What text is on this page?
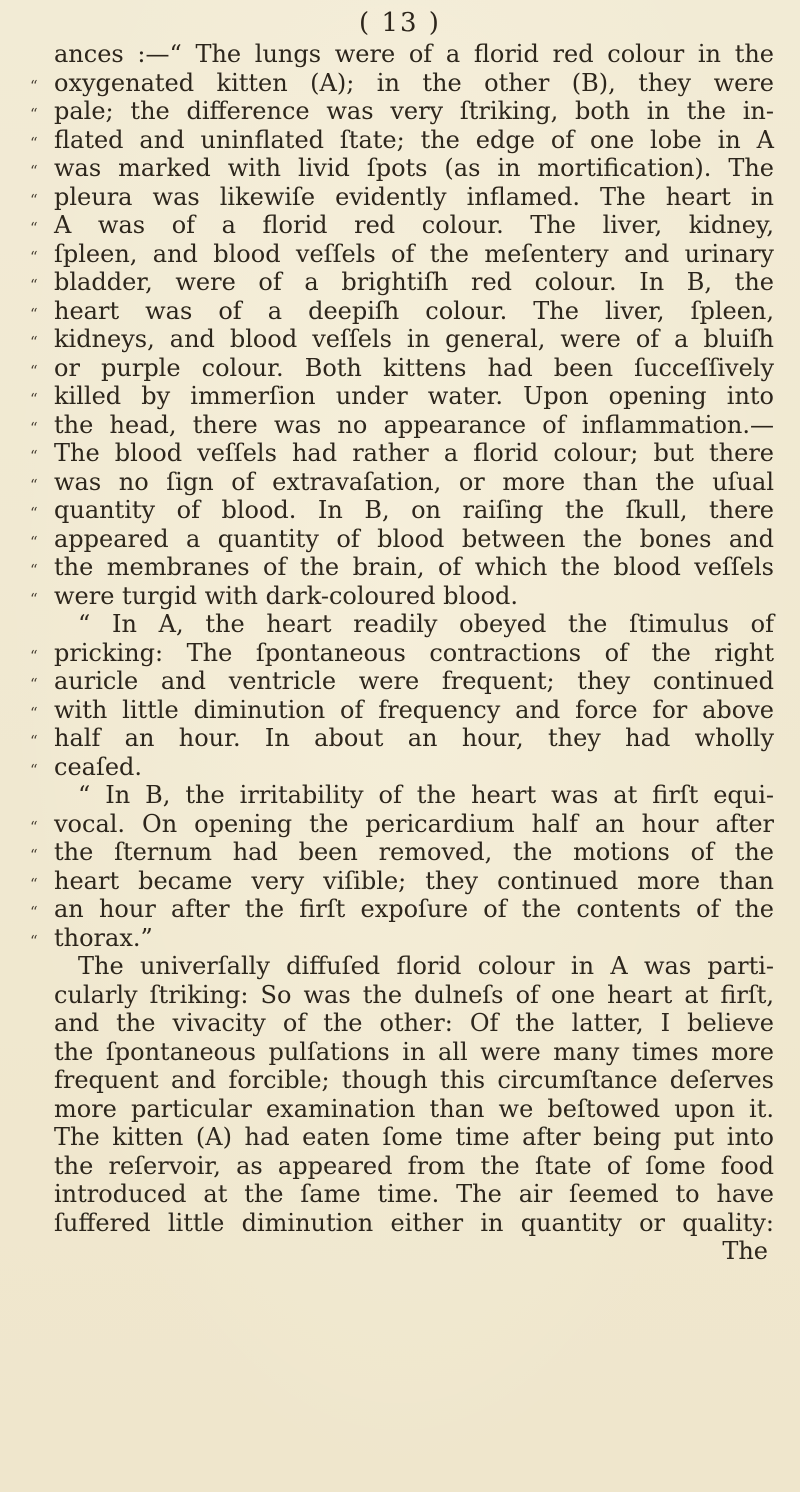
( 13 )
ances :—“ The lungs were of a florid red colour in the
“ oxygenated kitten (A); in the other (B), they were
“ pale; the difference was very ſtriking, both in the in-
“ flated and uninflated ſtate; the edge of one lobe in A
“ was marked with livid ſpots (as in mortification). The
“ pleura was likewiſe evidently inflamed. The heart in
“ A was of a florid red colour. The liver, kidney,
“ ſpleen, and blood veſſels of the meſentery and urinary
“ bladder, were of a brightiſh red colour. In B, the
“ heart was of a deepiſh colour. The liver, ſpleen,
“ kidneys, and blood veſſels in general, were of a bluiſh
“ or purple colour. Both kittens had been ſucceſſively
“ killed by immerſion under water. Upon opening into
“ the head, there was no appearance of inflammation.—
“ The blood veſſels had rather a florid colour; but there
“ was no ſign of extravaſation, or more than the uſual
“ quantity of blood. In B, on raiſing the ſkull, there
“ appeared a quantity of blood between the bones and
“ the membranes of the brain, of which the blood veſſels
“ were turgid with dark-coloured blood.
“ In A, the heart readily obeyed the ſtimulus of
“ pricking: The ſpontaneous contractions of the right
“ auricle and ventricle were frequent; they continued
“ with little diminution of frequency and force for above
“ half an hour. In about an hour, they had wholly
“ ceaſed.
“ In B, the irritability of the heart was at firſt equi-
“ vocal. On opening the pericardium half an hour after
“ the ſternum had been removed, the motions of the
“ heart became very viſible; they continued more than
“ an hour after the firſt expoſure of the contents of the
“ thorax.”
The univerſally diffuſed florid colour in A was parti-
cularly ſtriking: So was the dulneſs of one heart at firſt,
and the vivacity of the other: Of the latter, I believe
the ſpontaneous pulſations in all were many times more
frequent and forcible; though this circumſtance deſerves
more particular examination than we beſtowed upon it.
The kitten (A) had eaten ſome time after being put into
the reſervoir, as appeared from the ſtate of ſome food
introduced at the ſame time. The air ſeemed to have
ſuffered little diminution either in quantity or quality:
The
